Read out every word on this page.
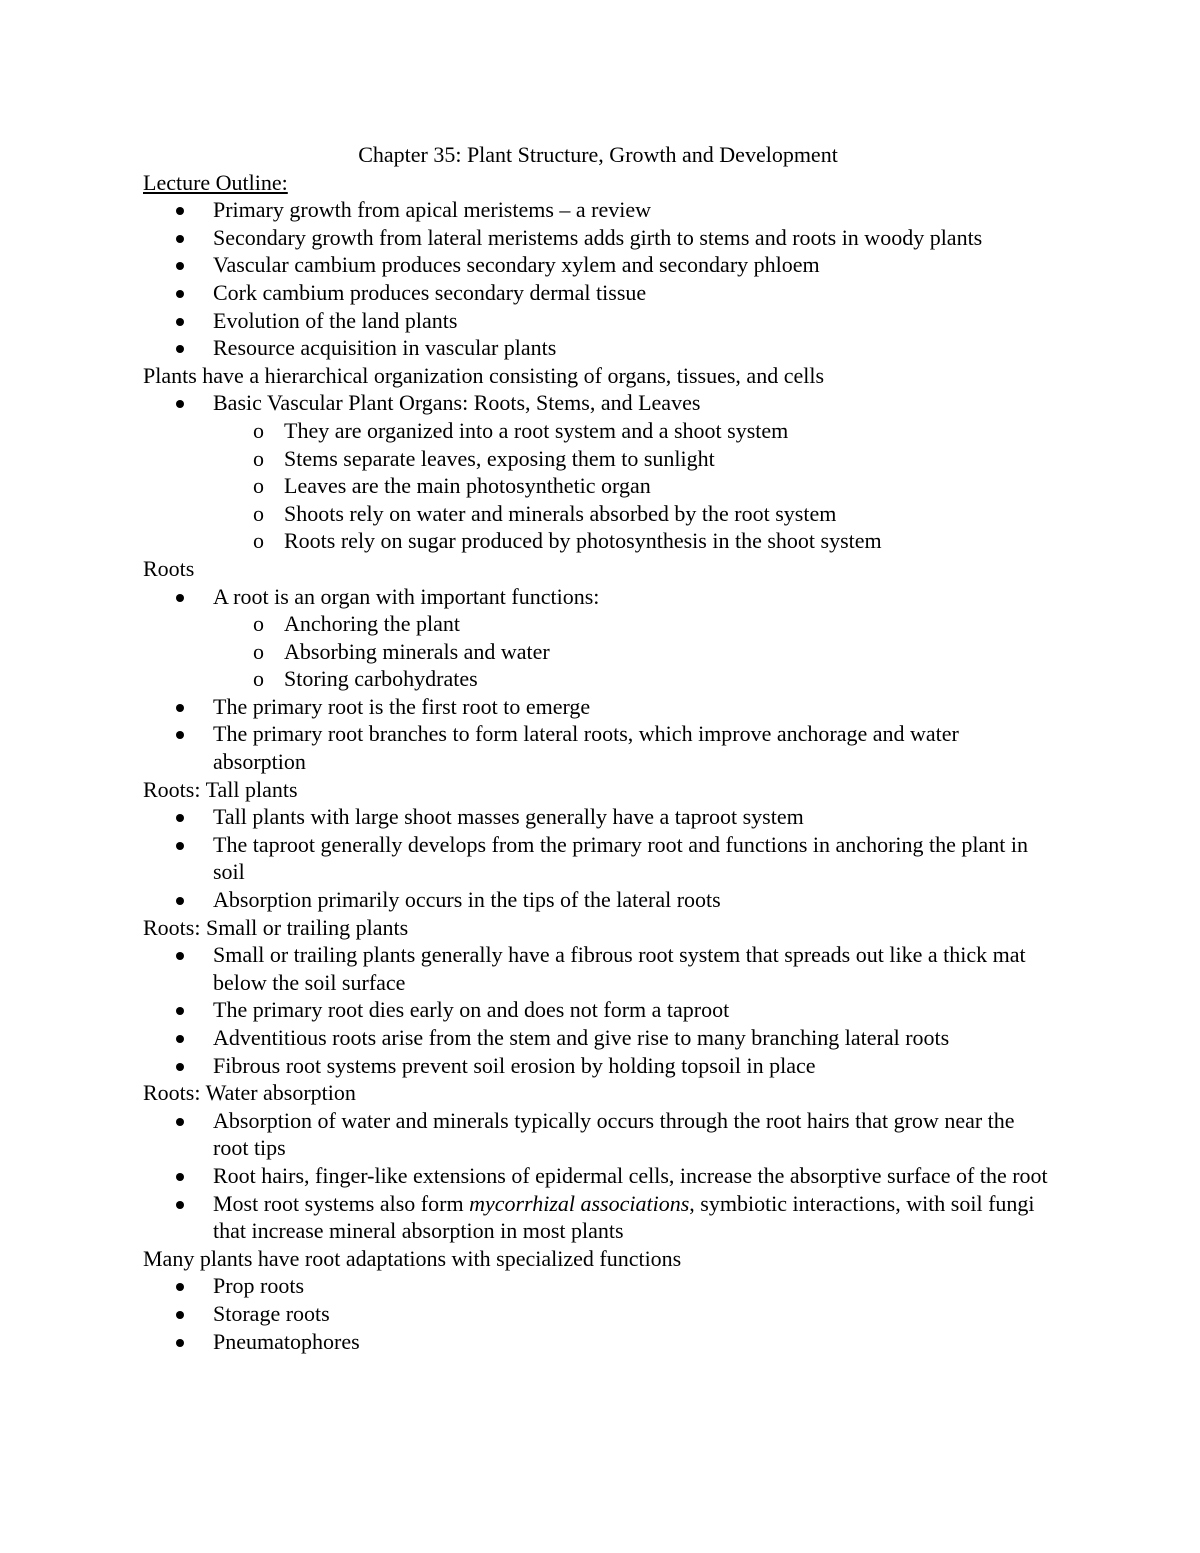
Chapter 35: Plant Structure, Growth and Development

Lecture Outline:

Primary growth from apical meristems – a review
Secondary growth from lateral meristems adds girth to stems and roots in woody plants
Vascular cambium produces secondary xylem and secondary phloem
Cork cambium produces secondary dermal tissue
Evolution of the land plants
Resource acquisition in vascular plants

Plants have a hierarchical organization consisting of organs, tissues, and cells

Basic Vascular Plant Organs: Roots, Stems, and Leaves
o They are organized into a root system and a shoot system
o Stems separate leaves, exposing them to sunlight
o Leaves are the main photosynthetic organ
o Shoots rely on water and minerals absorbed by the root system
o Roots rely on sugar produced by photosynthesis in the shoot system

Roots

A root is an organ with important functions:
o Anchoring the plant
o Absorbing minerals and water
o Storing carbohydrates
The primary root is the first root to emerge
The primary root branches to form lateral roots, which improve anchorage and water absorption

Roots: Tall plants

Tall plants with large shoot masses generally have a taproot system
The taproot generally develops from the primary root and functions in anchoring the plant in soil
Absorption primarily occurs in the tips of the lateral roots

Roots: Small or trailing plants

Small or trailing plants generally have a fibrous root system that spreads out like a thick mat below the soil surface
The primary root dies early on and does not form a taproot
Adventitious roots arise from the stem and give rise to many branching lateral roots
Fibrous root systems prevent soil erosion by holding topsoil in place

Roots: Water absorption

Absorption of water and minerals typically occurs through the root hairs that grow near the root tips
Root hairs, finger-like extensions of epidermal cells, increase the absorptive surface of the root
Most root systems also form mycorrhizal associations, symbiotic interactions, with soil fungi that increase mineral absorption in most plants

Many plants have root adaptations with specialized functions

Prop roots
Storage roots
Pneumatophores
